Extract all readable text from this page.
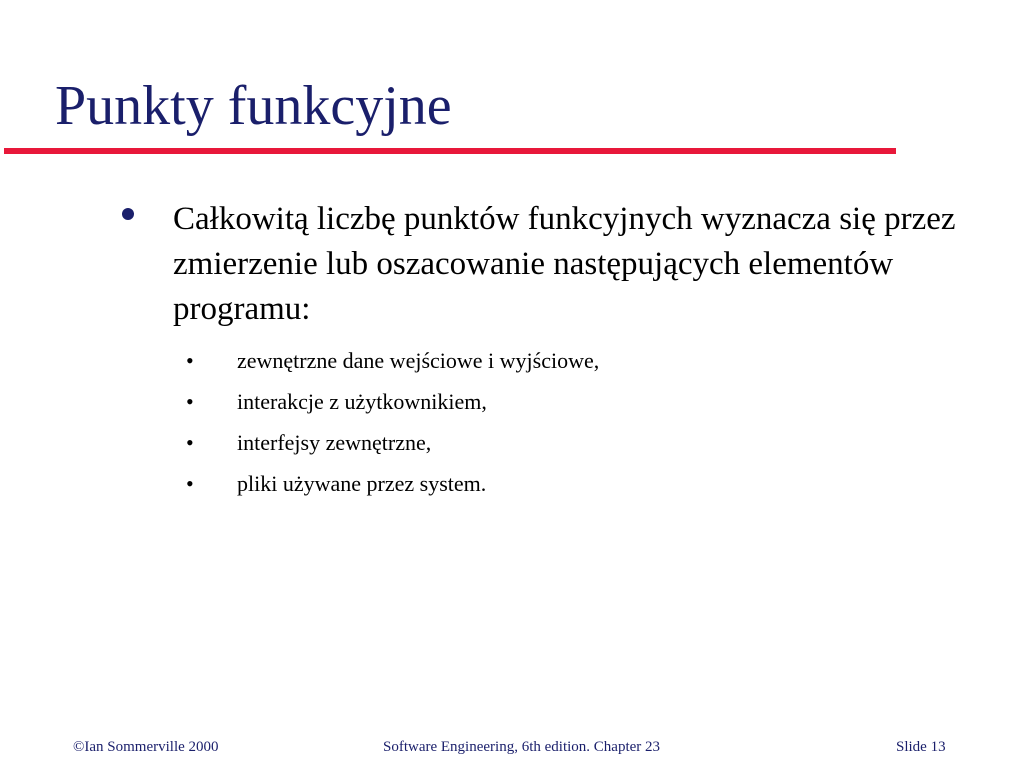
Punkty funkcyjne

Całkowitą liczbę punktów funkcyjnych wyznacza się przez zmierzenie lub oszacowanie następujących elementów programu:

•	zewnętrzne dane wejściowe i wyjściowe,
•	interakcje z użytkownikiem,
•	interfejsy zewnętrzne,
•	pliki używane przez system.
©Ian Sommerville 2000	Software Engineering, 6th edition. Chapter 23	Slide 13
